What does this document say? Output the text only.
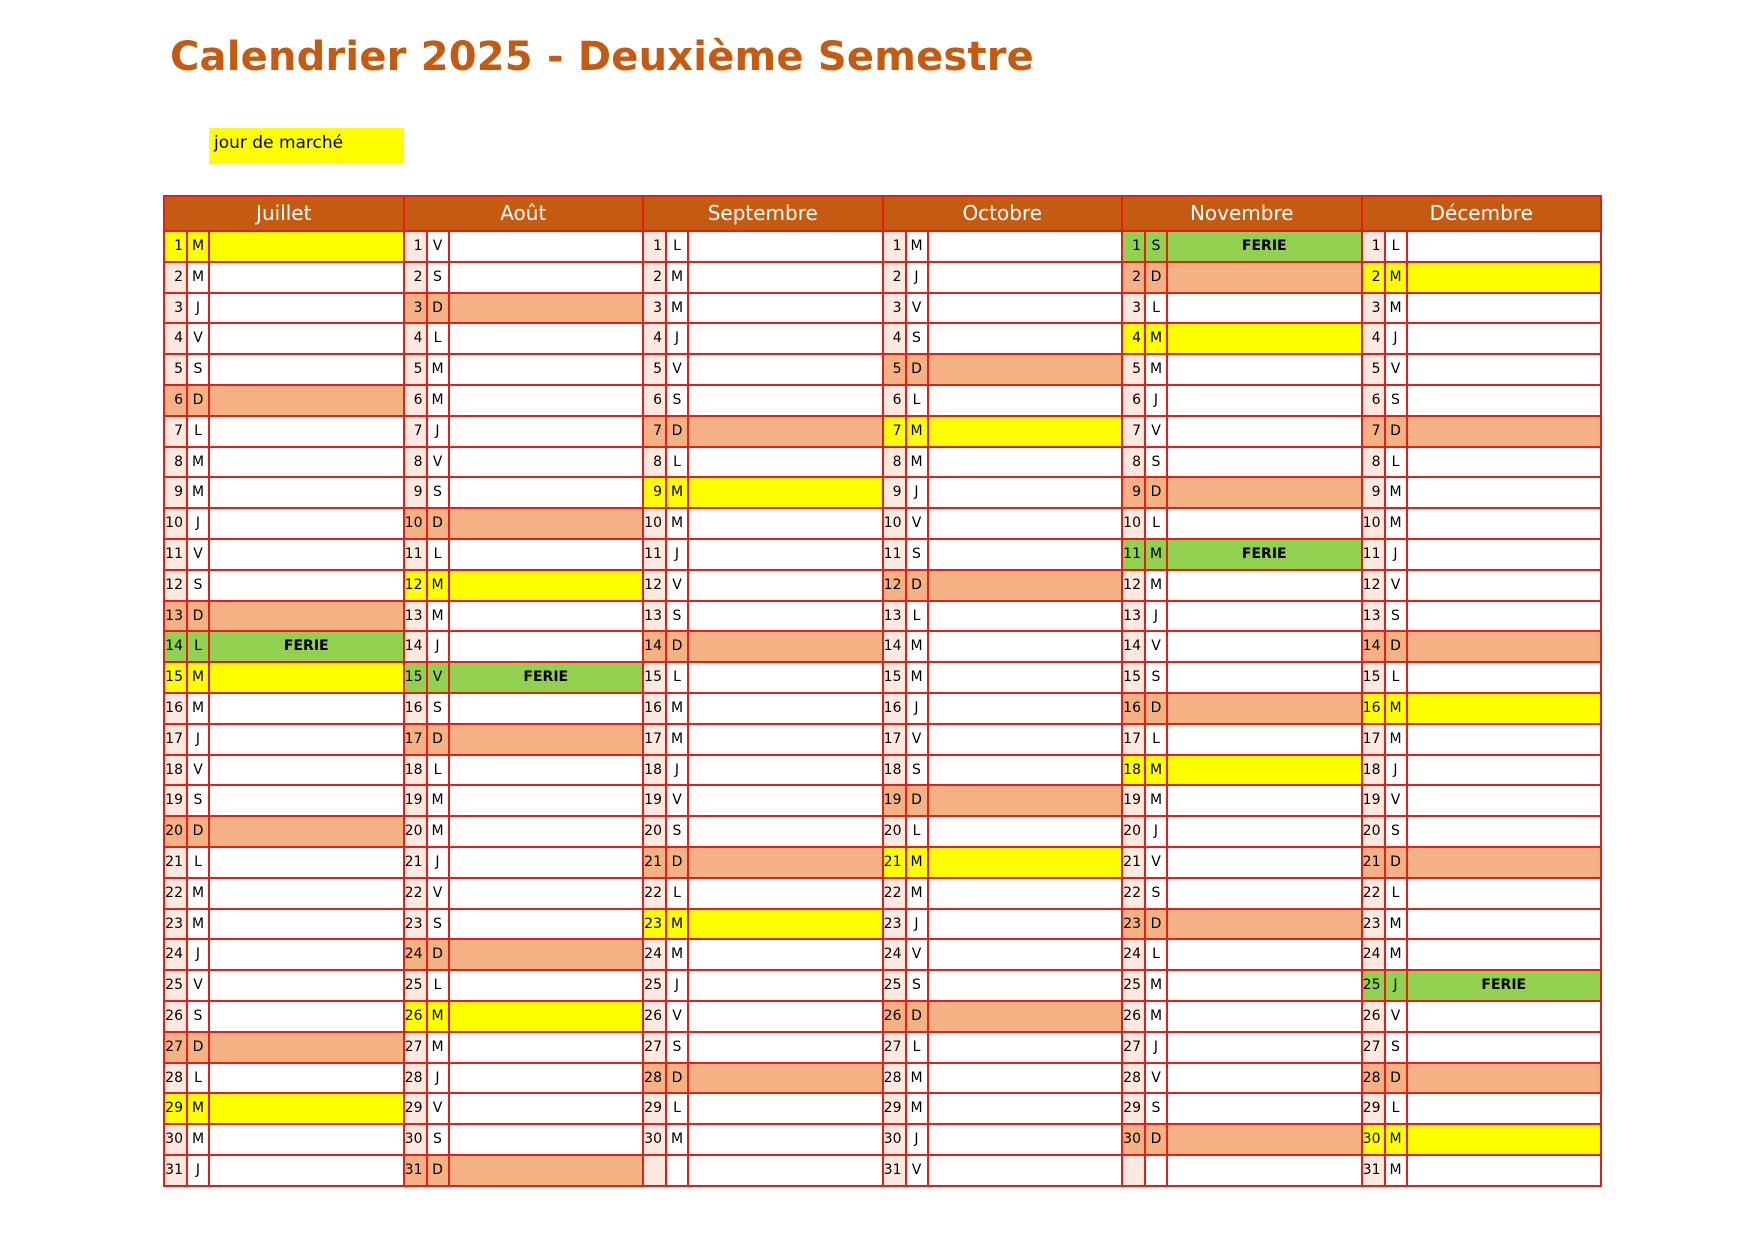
Calendrier 2025 - Deuxième Semestre
jour de marché
Juillet
1 M
2 M
3 J
4 V
5 S
6 D
7 L
8 M
9 M
10 J
11 V
12 S
13 D
14 L	FERIE
15 M
16 M
17 J
18 V
19 S
20 D
21 L
22 M
23 M
24 J
25 V
26 S
27 D
28 L
29 M
30 M
31 J
Août
1 V
2 S
3 D
4 L
5 M
6 M
7 J
8 V
9 S
10 D
11 L
12 M
13 M
14 J
15 V	FERIE
16 S
17 D
18 L
19 M
20 M
21 J
22 V
23 S
24 D
25 L
26 M
27 M
28 J
29 V
30 S
31 D
Septembre
1 L
2 M
3 M
4 J
5 V
6 S
7 D
8 L
9 M
10 M
11 J
12 V
13 S
14 D
15 L
16 M
17 M
18 J
19 V
20 S
21 D
22 L
23 M
24 M
25 J
26 V
27 S
28 D
29 L
30 M
Octobre
1 M
2 J
3 V
4 S
5 D
6 L
7 M
8 M
9 J
10 V
11 S
12 D
13 L
14 M
15 M
16 J
17 V
18 S
19 D
20 L
21 M
22 M
23 J
24 V
25 S
26 D
27 L
28 M
29 M
30 J
31 V
Novembre
1 S	FERIE
2 D
3 L
4 M
5 M
6 J
7 V
8 S
9 D
10 L
11 M	FERIE
12 M
13 J
14 V
15 S
16 D
17 L
18 M
19 M
20 J
21 V
22 S
23 D
24 L
25 M
26 M
27 J
28 V
29 S
30 D
Décembre
1 L
2 M
3 M
4 J
5 V
6 S
7 D
8 L
9 M
10 M
11 J
12 V
13 S
14 D
15 L
16 M
17 M
18 J
19 V
20 S
21 D
22 L
23 M
24 M
25 J	FERIE
26 V
27 S
28 D
29 L
30 M
31 M
